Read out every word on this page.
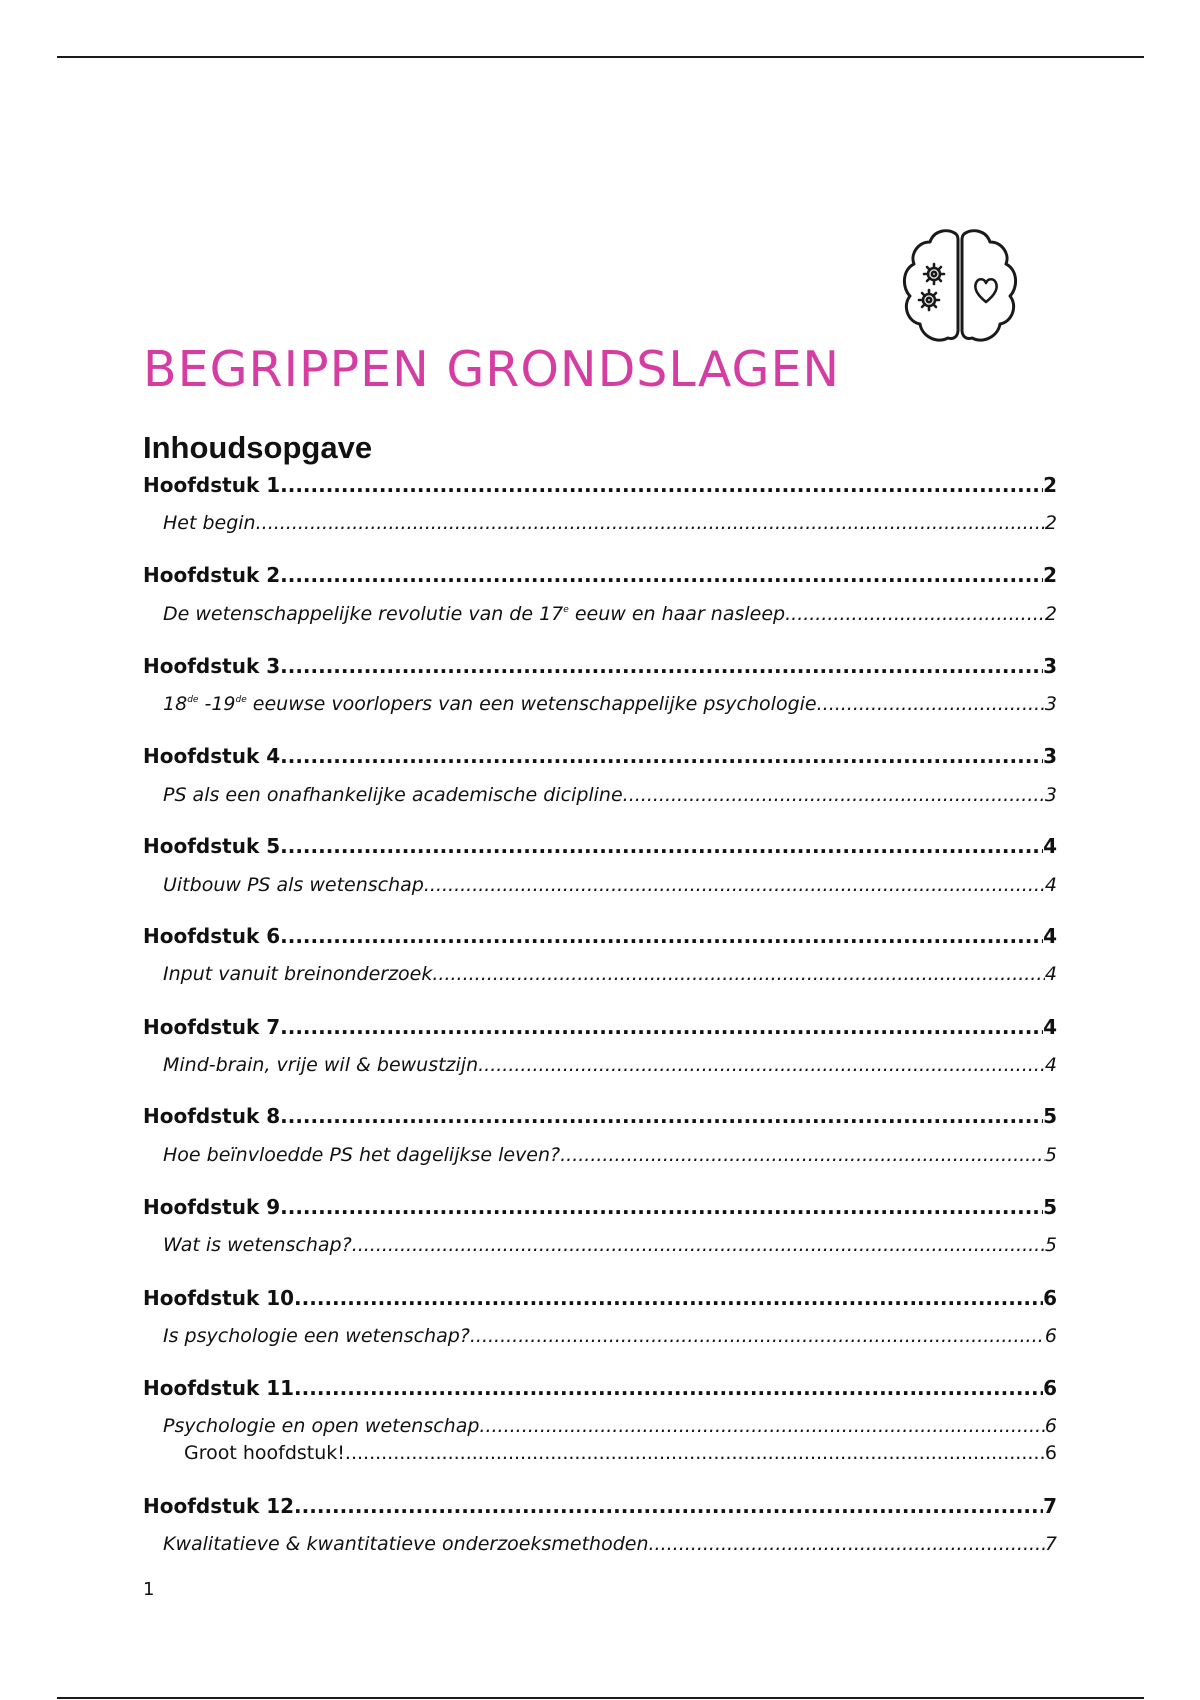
BEGRIPPEN GRONDSLAGEN
Inhoudsopgave
Hoofdstuk 1 .....	2
Het begin .....	2
Hoofdstuk 2 .....	2
De wetenschappelijke revolutie van de 17e eeuw en haar nasleep .....	2
Hoofdstuk 3 .....	3
18de -19de eeuwse voorlopers van een wetenschappelijke psychologie .....	3
Hoofdstuk 4 .....	3
PS als een onafhankelijke academische dicipline .....	3
Hoofdstuk 5 .....	4
Uitbouw PS als wetenschap .....	4
Hoofdstuk 6 .....	4
Input vanuit breinonderzoek .....	4
Hoofdstuk 7 .....	4
Mind-brain, vrije wil & bewustzijn .....	4
Hoofdstuk 8 .....	5
Hoe beïnvloedde PS het dagelijkse leven? .....	5
Hoofdstuk 9 .....	5
Wat is wetenschap? .....	5
Hoofdstuk 10 .....	6
Is psychologie een wetenschap? .....	6
Hoofdstuk 11 .....	6
Psychologie en open wetenschap .....	6
Groot hoofdstuk! .....	6
Hoofdstuk 12 .....	7
Kwalitatieve & kwantitatieve onderzoeksmethoden .....	7
1
